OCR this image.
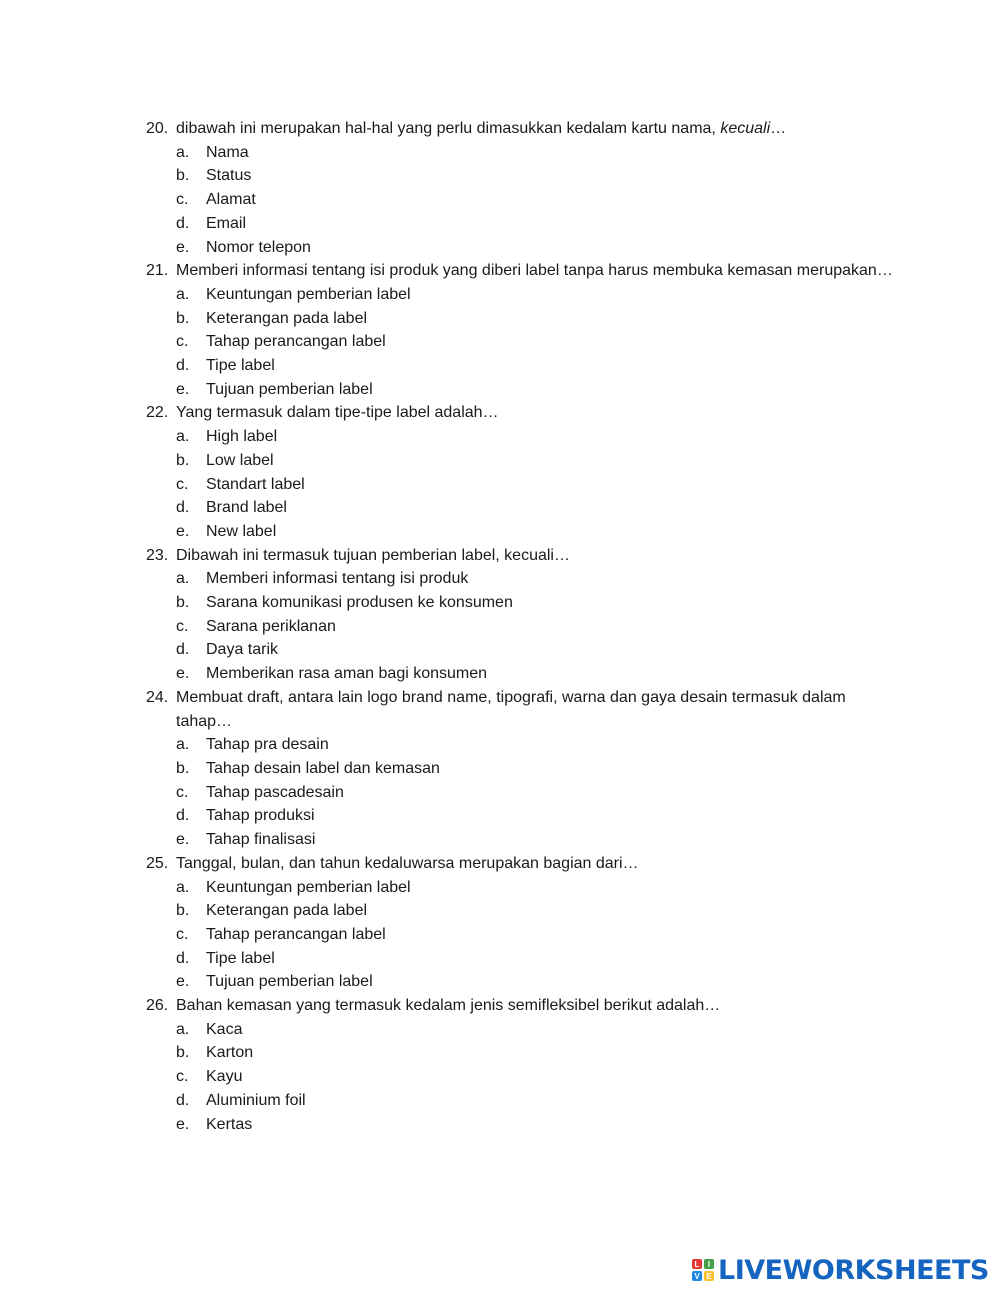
20. dibawah ini merupakan hal-hal yang perlu dimasukkan kedalam kartu nama, kecuali…
a.	Nama
b.	Status
c.	Alamat
d.	Email
e.	Nomor telepon
21. Memberi informasi tentang isi produk yang diberi label tanpa harus membuka kemasan merupakan…
a.	Keuntungan pemberian label
b.	Keterangan pada label
c.	Tahap perancangan label
d.	Tipe label
e.	Tujuan pemberian label
22. Yang termasuk dalam tipe-tipe label adalah…
a.	High label
b.	Low label
c.	Standart label
d.	Brand label
e.	New label
23. Dibawah ini termasuk tujuan pemberian label, kecuali…
a.	Memberi informasi tentang isi produk
b.	Sarana komunikasi produsen ke konsumen
c.	Sarana periklanan
d.	Daya tarik
e.	Memberikan rasa aman bagi konsumen
24. Membuat draft, antara lain logo brand name, tipografi, warna dan gaya desain termasuk dalam tahap…
a.	Tahap pra desain
b.	Tahap desain label dan kemasan
c.	Tahap pascadesain
d.	Tahap produksi
e.	Tahap finalisasi
25. Tanggal, bulan, dan tahun kedaluwarsa merupakan bagian dari…
a.	Keuntungan pemberian label
b.	Keterangan pada label
c.	Tahap perancangan label
d.	Tipe label
e.	Tujuan pemberian label
26. Bahan kemasan yang termasuk kedalam jenis semifleksibel berikut adalah…
a.	Kaca
b.	Karton
c.	Kayu
d.	Aluminium foil
e.	Kertas
L	I
V E LIVEWORKSHEETS
